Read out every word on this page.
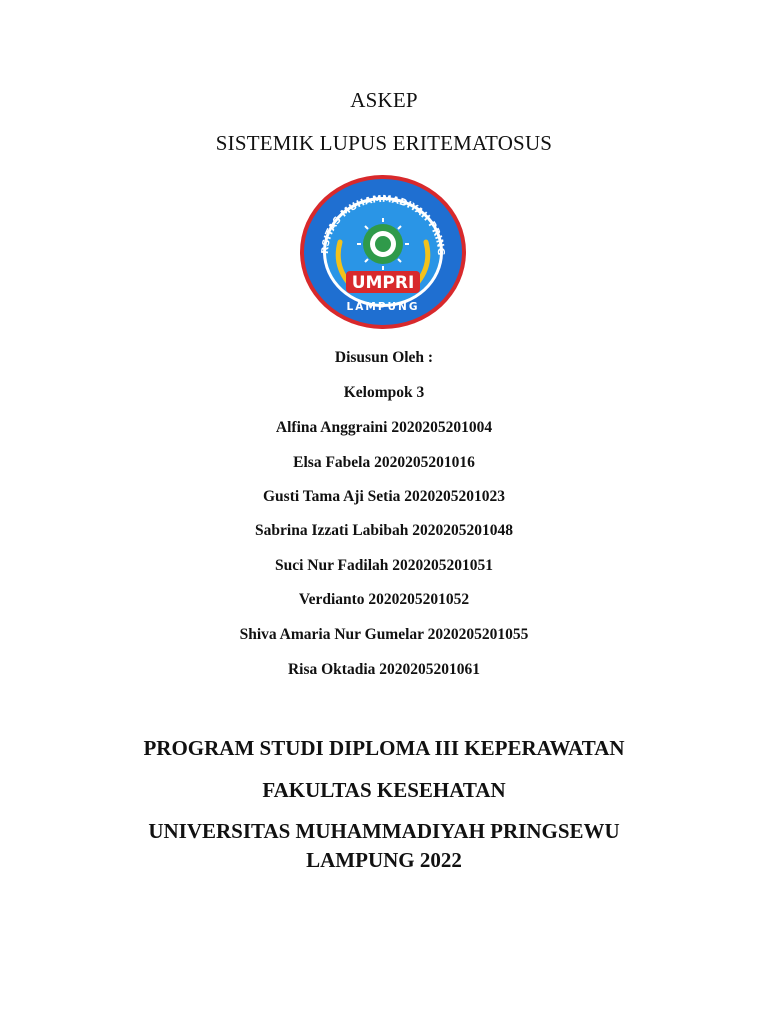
ASKEP
SISTEMIK LUPUS ERITEMATOSUS
RSITAS MUHAMMADIYAH PRING
UMPRI
LAMPUNG
Disusun Oleh :
Kelompok 3
Alfina Anggraini 2020205201004
Elsa Fabela 2020205201016
Gusti Tama Aji Setia 2020205201023
Sabrina Izzati Labibah 2020205201048
Suci Nur Fadilah 2020205201051
Verdianto 2020205201052
Shiva Amaria Nur Gumelar 2020205201055
Risa Oktadia 2020205201061
PROGRAM STUDI DIPLOMA III KEPERAWATAN
FAKULTAS KESEHATAN
UNIVERSITAS MUHAMMADIYAH PRINGSEWU
LAMPUNG 2022
